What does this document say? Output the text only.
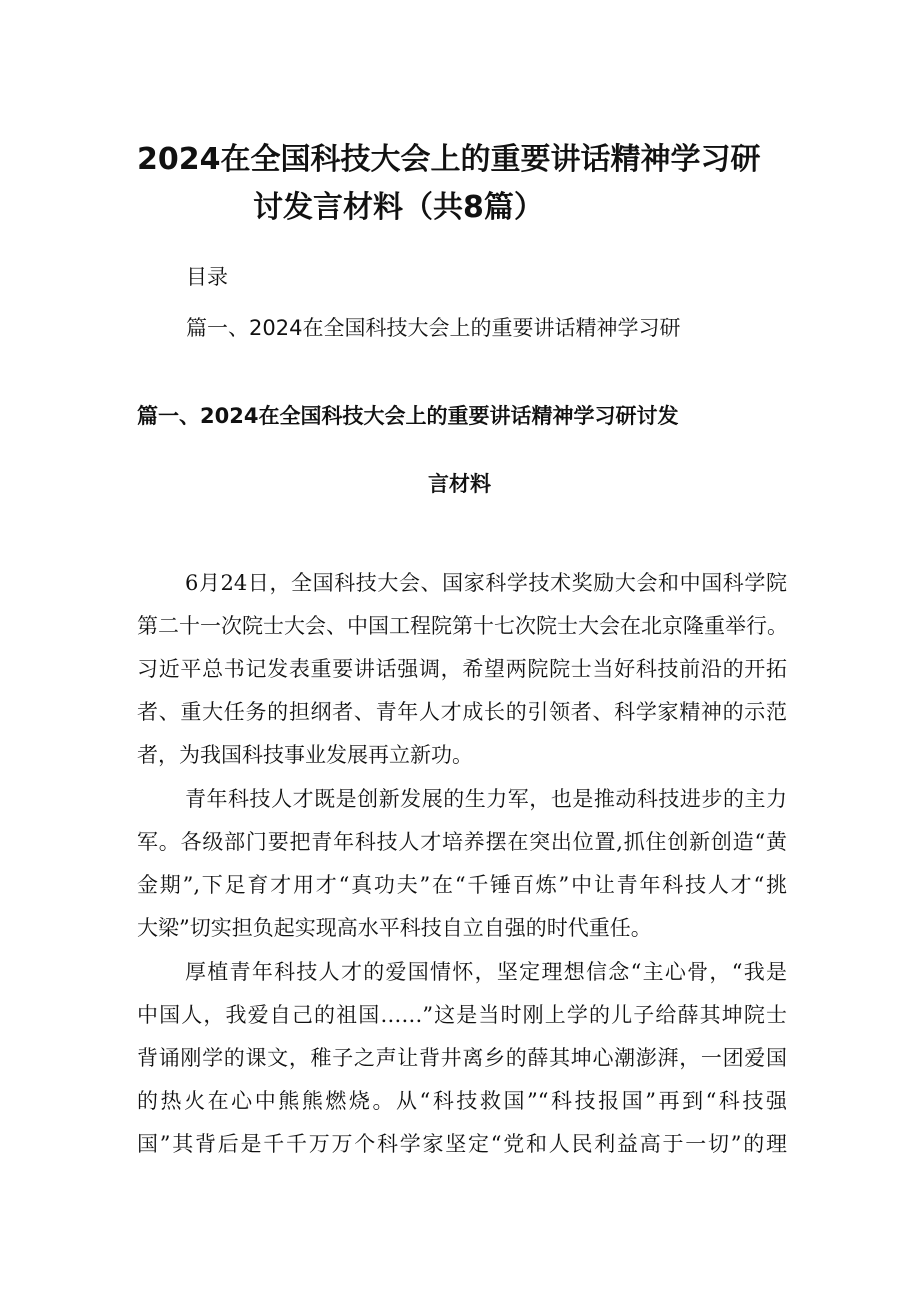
2024在全国科技大会上的重要讲话精神学习研
讨发言材料（共8篇）
目录
篇一、2024在全国科技大会上的重要讲话精神学习研
篇一、2024在全国科技大会上的重要讲话精神学习研讨发
言材料
6月24日，全国科技大会、国家科学技术奖励大会和中国科学院
第二十一次院士大会、中国工程院第十七次院士大会在北京隆重举行。
习近平总书记发表重要讲话强调，希望两院院士当好科技前沿的开拓
者、重大任务的担纲者、青年人才成长的引领者、科学家精神的示范
者，为我国科技事业发展再立新功。
青年科技人才既是创新发展的生力军，也是推动科技进步的主力
军。各级部门要把青年科技人才培养摆在突出位置,抓住创新创造“黄
金期”,下足育才用才“真功夫”在“千锤百炼”中让青年科技人才“挑
大梁”切实担负起实现高水平科技自立自强的时代重任。
厚植青年科技人才的爱国情怀，坚定理想信念“主心骨，“我是
中国人，我爱自己的祖国……”这是当时刚上学的儿子给薛其坤院士
背诵刚学的课文，稚子之声让背井离乡的薛其坤心潮澎湃，一团爱国
的热火在心中熊熊燃烧。从“科技救国”“科技报国”再到“科技强
国”其背后是千千万万个科学家坚定“党和人民利益高于一切”的理
